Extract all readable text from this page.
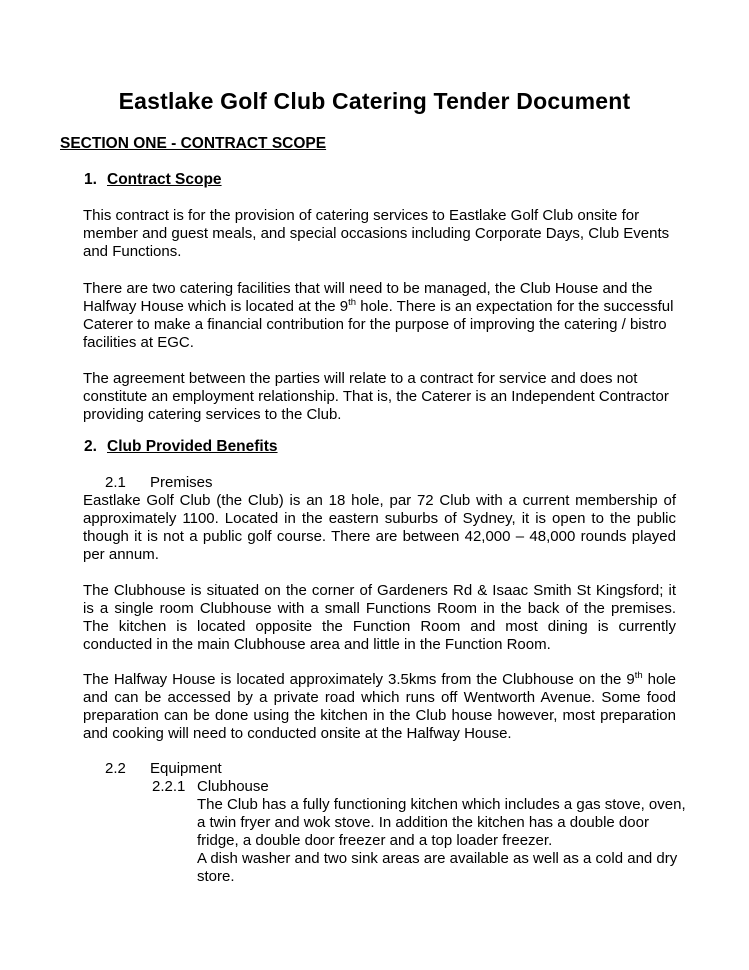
Eastlake Golf Club Catering Tender Document
SECTION ONE - CONTRACT SCOPE
1. Contract Scope

This contract is for the provision of catering services to Eastlake Golf Club onsite for member and guest meals, and special occasions including Corporate Days, Club Events and Functions.

There are two catering facilities that will need to be managed, the Club House and the Halfway House which is located at the 9th hole. There is an expectation for the successful Caterer to make a financial contribution for the purpose of improving the catering / bistro facilities at EGC.

The agreement between the parties will relate to a contract for service and does not constitute an employment relationship. That is, the Caterer is an Independent Contractor providing catering services to the Club.

2. Club Provided Benefits
2.1	Premises

Eastlake Golf Club (the Club) is an 18 hole, par 72 Club with a current membership of approximately 1100. Located in the eastern suburbs of Sydney, it is open to the public though it is not a public golf course. There are between 42,000 – 48,000 rounds played per annum.

The Clubhouse is situated on the corner of Gardeners Rd & Isaac Smith St Kingsford; it is a single room Clubhouse with a small Functions Room in the back of the premises. The kitchen is located opposite the Function Room and most dining is currently conducted in the main Clubhouse area and little in the Function Room.

The Halfway House is located approximately 3.5kms from the Clubhouse on the 9th hole and can be accessed by a private road which runs off Wentworth Avenue. Some food preparation can be done using the kitchen in the Club house however, most preparation and cooking will need to conducted onsite at the Halfway House.

2.2	Equipment
2.2.1 Clubhouse

The Club has a fully functioning kitchen which includes a gas stove, oven, a twin fryer and wok stove. In addition the kitchen has a double door fridge, a double door freezer and a top loader freezer.

A dish washer and two sink areas are available as well as a cold and dry store.
